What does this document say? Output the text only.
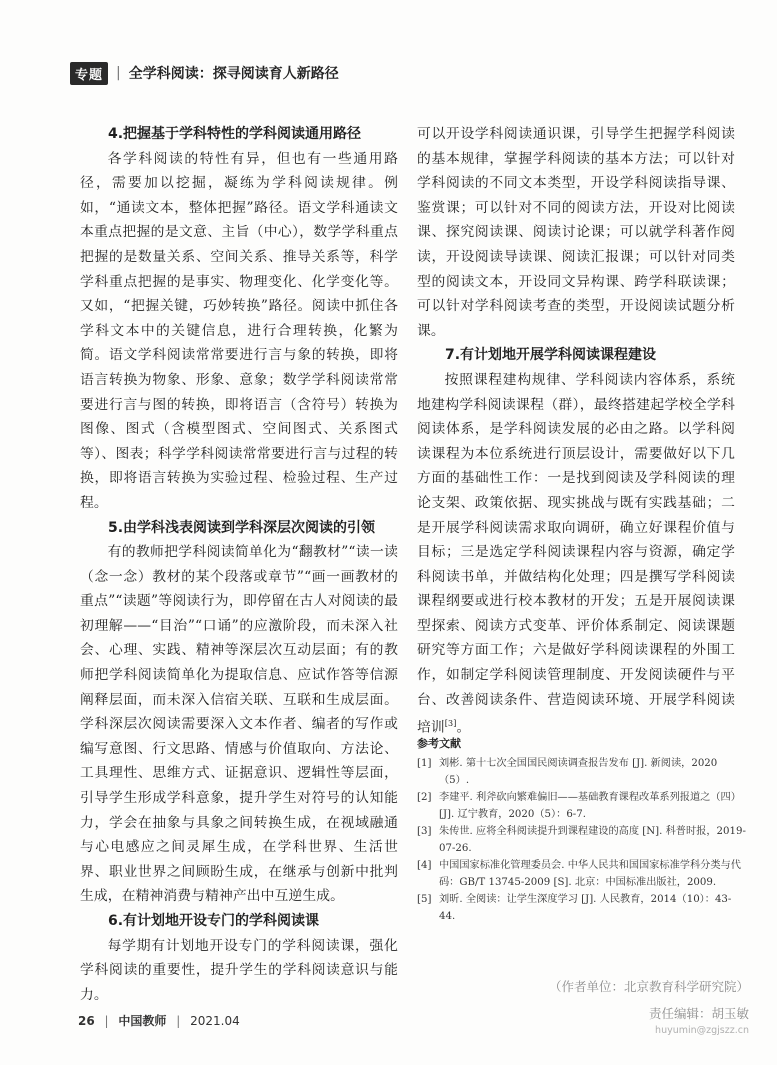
专题 | 全学科阅读：探寻阅读育人新路径

4.把握基于学科特性的学科阅读通用路径

各学科阅读的特性有异，但也有一些通用路径，需要加以挖掘，凝练为学科阅读规律。例如，“通读文本，整体把握”路径。语文学科通读文本重点把握的是文意、主旨（中心），数学学科重点把握的是数量关系、空间关系、推导关系等，科学学科重点把握的是事实、物理变化、化学变化等。又如，“把握关键，巧妙转换”路径。阅读中抓住各学科文本中的关键信息，进行合理转换，化繁为简。语文学科阅读常常要进行言与象的转换，即将语言转换为物象、形象、意象；数学学科阅读常常要进行言与图的转换，即将语言（含符号）转换为图像、图式（含模型图式、空间图式、关系图式等）、图表；科学学科阅读常常要进行言与过程的转换，即将语言转换为实验过程、检验过程、生产过程。

5.由学科浅表阅读到学科深层次阅读的引领

有的教师把学科阅读简单化为“翻教材”“读一读（念一念）教材的某个段落或章节”“画一画教材的重点”“读题”等阅读行为，即停留在古人对阅读的最初理解——“目治”“口诵”的应激阶段，而未深入社会、心理、实践、精神等深层次互动层面；有的教师把学科阅读简单化为提取信息、应试作答等信源阐释层面，而未深入信宿关联、互联和生成层面。学科深层次阅读需要深入文本作者、编者的写作或编写意图、行文思路、情感与价值取向、方法论、工具理性、思维方式、证据意识、逻辑性等层面，引导学生形成学科意象，提升学生对符号的认知能力，学会在抽象与具象之间转换生成，在视域融通与心电感应之间灵犀生成，在学科世界、生活世界、职业世界之间顾盼生成，在继承与创新中批判生成，在精神消费与精神产出中互逆生成。

6.有计划地开设专门的学科阅读课

每学期有计划地开设专门的学科阅读课，强化学科阅读的重要性，提升学生的学科阅读意识与能力。

可以开设学科阅读通识课，引导学生把握学科阅读的基本规律，掌握学科阅读的基本方法；可以针对学科阅读的不同文本类型，开设学科阅读指导课、鉴赏课；可以针对不同的阅读方法，开设对比阅读课、探究阅读课、阅读讨论课；可以就学科著作阅读，开设阅读导读课、阅读汇报课；可以针对同类型的阅读文本，开设同文异构课、跨学科联读课；可以针对学科阅读考查的类型，开设阅读试题分析课。

7.有计划地开展学科阅读课程建设

按照课程建构规律、学科阅读内容体系，系统地建构学科阅读课程（群），最终搭建起学校全学科阅读体系，是学科阅读发展的必由之路。以学科阅读课程为本位系统进行顶层设计，需要做好以下几方面的基础性工作：一是找到阅读及学科阅读的理论支架、政策依据、现实挑战与既有实践基础；二是开展学科阅读需求取向调研，确立好课程价值与目标；三是选定学科阅读课程内容与资源，确定学科阅读书单，并做结构化处理；四是撰写学科阅读课程纲要或进行校本教材的开发；五是开展阅读课型探索、阅读方式变革、评价体系制定、阅读课题研究等方面工作；六是做好学科阅读课程的外围工作，如制定学科阅读管理制度、开发阅读硬件与平台、改善阅读条件、营造阅读环境、开展学科阅读培训[3]。

参考文献

[1] 刘彬. 第十七次全国国民阅读调查报告发布 [J]. 新阅读，2020（5）.
[2] 李建平. 利斧砍向繁难偏旧——基础教育课程改革系列报道之（四）[J]. 辽宁教育，2020（5）：6-7.
[3] 朱传世. 应将全科阅读提升到课程建设的高度 [N]. 科普时报，2019-07-26.
[4] 中国国家标准化管理委员会. 中华人民共和国国家标准学科分类与代码：GB/T 13745-2009 [S]. 北京：中国标准出版社，2009.
[5] 刘昕. 全阅读：让学生深度学习 [J]. 人民教育，2014（10）：43-44.
（作者单位：北京教育科学研究院）
责任编辑：胡玉敏
huyumin@zgjszz.cn
26 | 中国教师 | 2021.04
